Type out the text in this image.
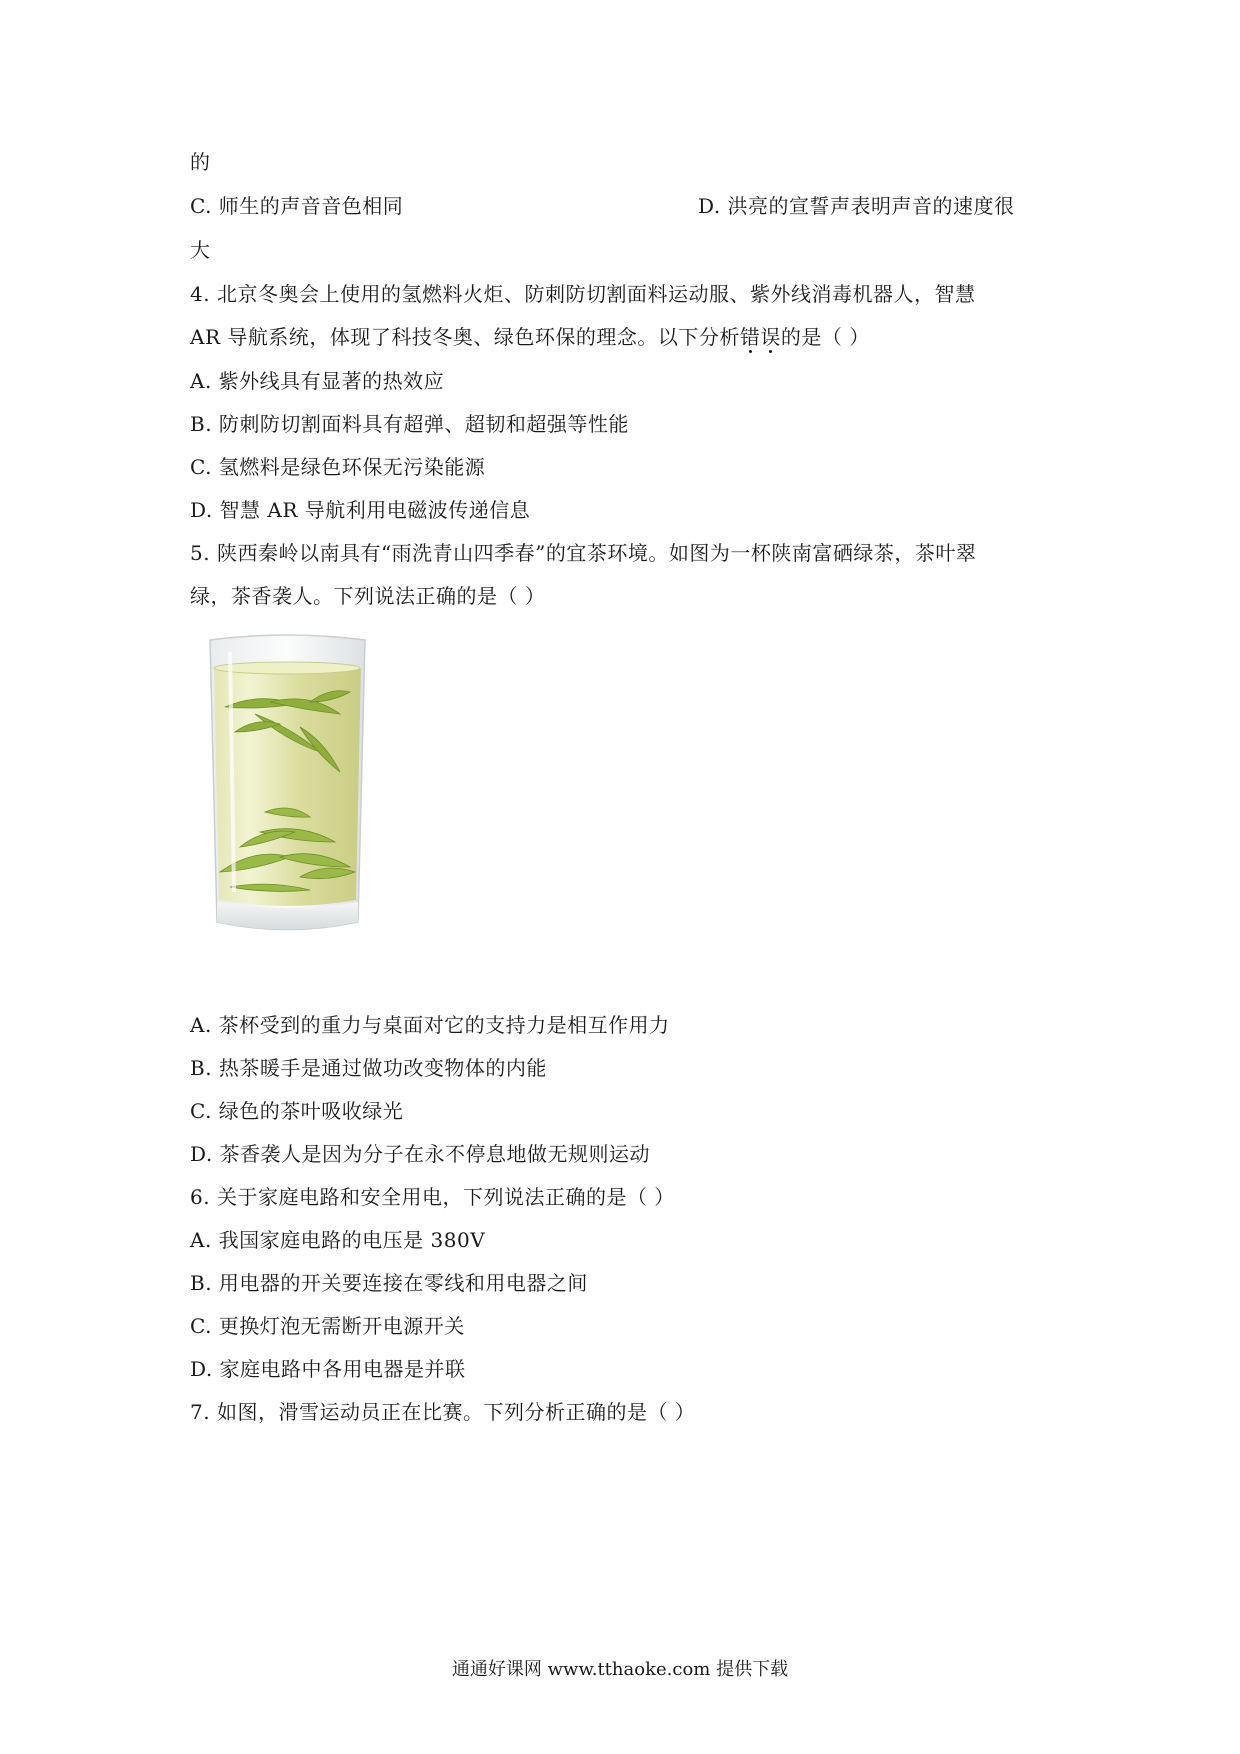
的
C. 师生的声音音色相同	D. 洪亮的宣誓声表明声音的速度很
大
4. 北京冬奥会上使用的氢燃料火炬、防刺防切割面料运动服、紫外线消毒机器人，智慧
AR 导航系统，体现了科技冬奥、绿色环保的理念。以下分析错误的是（ ）
A. 紫外线具有显著的热效应
B. 防刺防切割面料具有超弹、超韧和超强等性能
C. 氢燃料是绿色环保无污染能源
D. 智慧 AR 导航利用电磁波传递信息
5. 陕西秦岭以南具有“雨洗青山四季春”的宜茶环境。如图为一杯陕南富硒绿茶，茶叶翠
绿，茶香袭人。下列说法正确的是（ ）
A. 茶杯受到的重力与桌面对它的支持力是相互作用力
B. 热茶暖手是通过做功改变物体的内能
C. 绿色的茶叶吸收绿光
D. 茶香袭人是因为分子在永不停息地做无规则运动
6. 关于家庭电路和安全用电，下列说法正确的是（ ）
A. 我国家庭电路的电压是 380V
B. 用电器的开关要连接在零线和用电器之间
C. 更换灯泡无需断开电源开关
D. 家庭电路中各用电器是并联
7. 如图，滑雪运动员正在比赛。下列分析正确的是（ ）
通通好课网 www.tthaoke.com 提供下载
